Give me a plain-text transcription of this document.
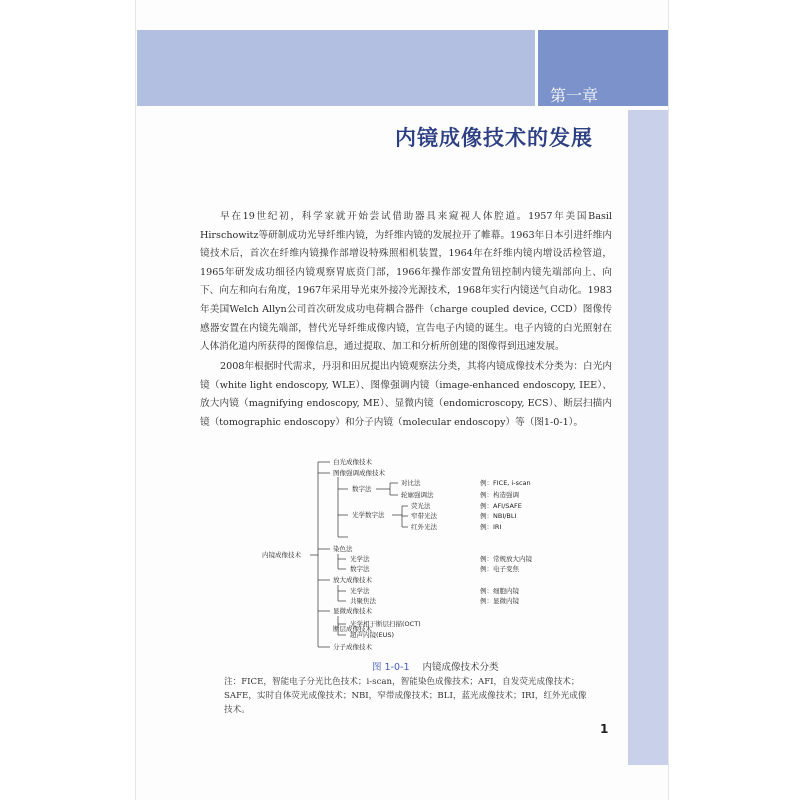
第一章
内镜成像技术的发展
早在19世纪初，科学家就开始尝试借助器具来窥视人体腔道。1957年美国Basil Hirschowitz等研制成功光导纤维内镜，为纤维内镜的发展拉开了帷幕。1963年日本引进纤维内镜技术后，首次在纤维内镜操作部增设特殊照相机装置，1964年在纤维内镜内增设活检管道，1965年研发成功细径内镜观察胃底贲门部，1966年操作部安置角钮控制内镜先端部向上、向下、向左和向右角度，1967年采用导光束外接冷光源技术，1968年实行内镜送气自动化。1983年美国Welch Allyn公司首次研发成功电荷耦合器件（charge coupled device, CCD）图像传感器安置在内镜先端部，替代光导纤维成像内镜，宣告电子内镜的诞生。电子内镜的白光照射在人体消化道内所获得的图像信息，通过提取、加工和分析所创建的图像得到迅速发展。
2008年根据时代需求，丹羽和田尻提出内镜观察法分类，其将内镜成像技术分类为：白光内镜（white light endoscopy, WLE）、图像强调内镜（image-enhanced endoscopy, IEE）、放大内镜（magnifying endoscopy, ME）、显微内镜（endomicroscopy, ECS）、断层扫描内镜（tomographic endoscopy）和分子内镜（molecular endoscopy）等（图1-0-1）。
内镜成像技术
白光成像技术
图像强调成像技术
染色法
放大成像技术
显微成像技术
断层成像技术
分子成像技术
数字法
对比法
轮廓强调法
光学数字法
荧光法
窄带光法
红外光法
光学法
数字法
光学法
共聚焦法
光学相干断层扫描(OCT)
超声内镜(EUS)
例：FICE, i-scan
例：构造强调
例：AFI/SAFE
例：NBI/BLI
例：IRI
例：常规放大内镜
例：电子变焦
例：细胞内镜
例：显微内镜
图 1-0-1 内镜成像技术分类
注：FICE，智能电子分光比色技术；i-scan，智能染色成像技术；AFI，自发荧光成像技术；SAFE，实时自体荧光成像技术；NBI，窄带成像技术；BLI，蓝光成像技术；IRI，红外光成像技术。
1
